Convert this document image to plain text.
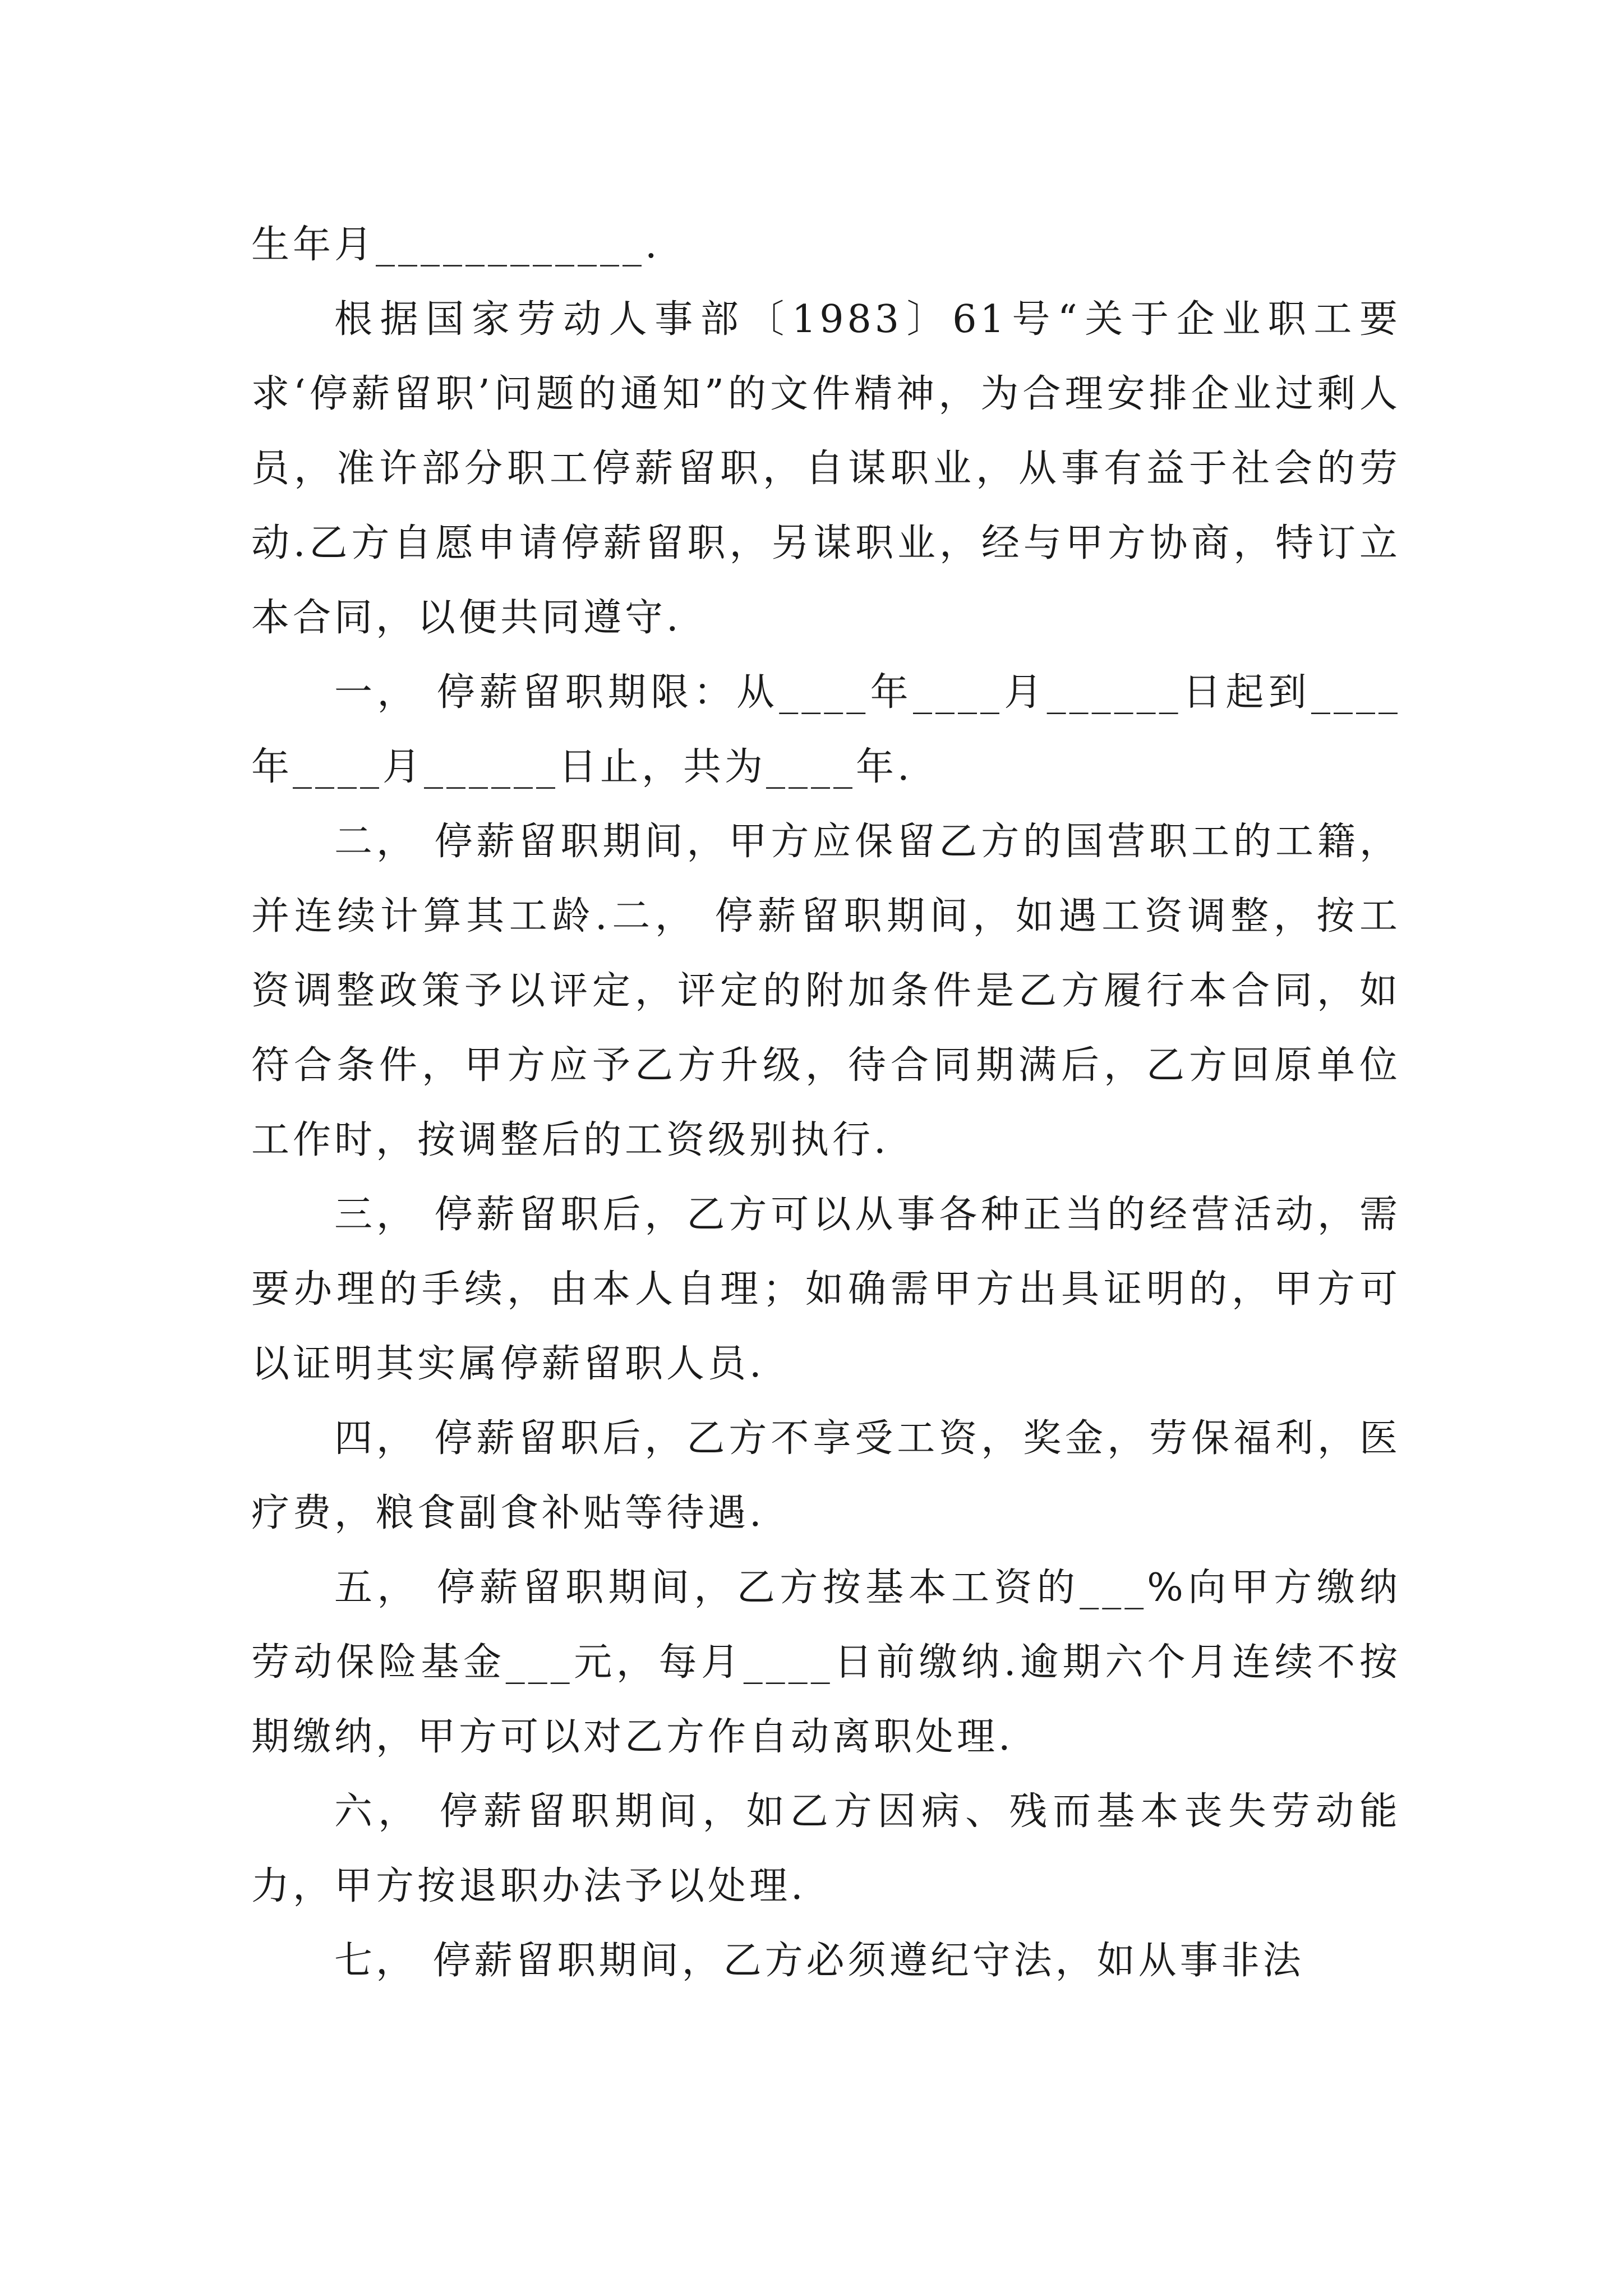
生年月____________.

根据国家劳动人事部〔1983〕61号“关于企业职工要求‘停薪留职’问题的通知”的文件精神，为合理安排企业过剩人员，准许部分职工停薪留职，自谋职业，从事有益于社会的劳动.乙方自愿申请停薪留职，另谋职业，经与甲方协商，特订立本合同，以便共同遵守.

一， 停薪留职期限：从____年____月______日起到____年____月______日止，共为____年.

二， 停薪留职期间，甲方应保留乙方的国营职工的工籍，并连续计算其工龄.二， 停薪留职期间，如遇工资调整，按工资调整政策予以评定，评定的附加条件是乙方履行本合同，如符合条件，甲方应予乙方升级，待合同期满后，乙方回原单位工作时，按调整后的工资级别执行.

三， 停薪留职后，乙方可以从事各种正当的经营活动，需要办理的手续，由本人自理；如确需甲方出具证明的，甲方可以证明其实属停薪留职人员.

四， 停薪留职后，乙方不享受工资，奖金，劳保福利，医疗费，粮食副食补贴等待遇.

五， 停薪留职期间，乙方按基本工资的___%向甲方缴纳劳动保险基金___元，每月____日前缴纳.逾期六个月连续不按期缴纳，甲方可以对乙方作自动离职处理.

六， 停薪留职期间，如乙方因病、残而基本丧失劳动能力，甲方按退职办法予以处理.

七， 停薪留职期间，乙方必须遵纪守法，如从事非法
